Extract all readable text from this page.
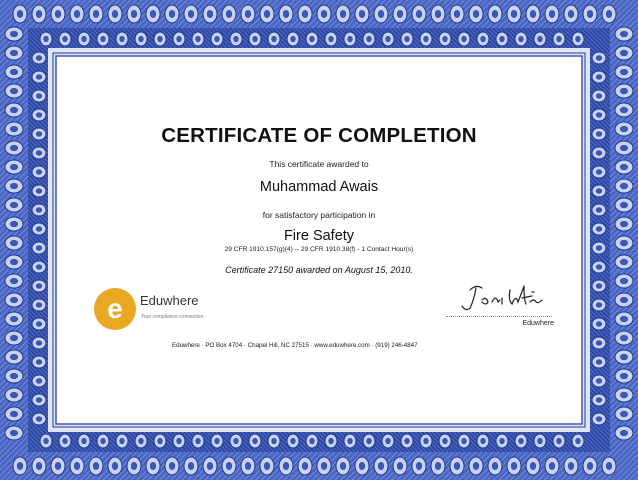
CERTIFICATE OF COMPLETION
This certificate awarded to
Muhammad Awais
for satisfactory participation in
Fire Safety
29 CFR 1910.157(g)(4) -- 29 CFR 1910.38(f) - 1 Contact Hour(s)
Certificate 27150 awarded on August 15, 2010.
e Eduwhere
Your compliance connection.
Eduwhere
Eduwhere · PO Box 4704 · Chapel Hill, NC 27515 · www.eduwhere.com · (919) 246-4847
